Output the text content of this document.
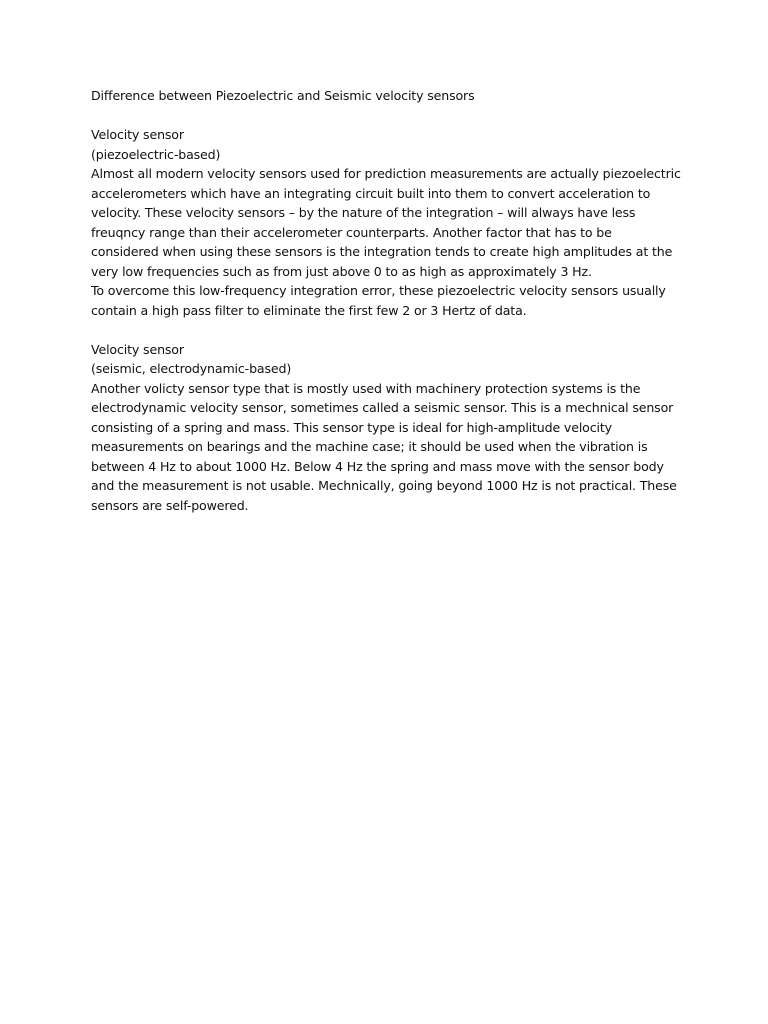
Difference between Piezoelectric and Seismic velocity sensors

Velocity sensor
(piezoelectric-based)

Almost all modern velocity sensors used for prediction measurements are actually piezoelectric accelerometers which have an integrating circuit built into them to convert acceleration to velocity. These velocity sensors – by the nature of the integration – will always have less freuqncy range than their accelerometer counterparts. Another factor that has to be considered when using these sensors is the integration tends to create high amplitudes at the very low frequencies such as from just above 0 to as high as approximately 3 Hz.

To overcome this low-frequency integration error, these piezoelectric velocity sensors usually contain a high pass filter to eliminate the first few 2 or 3 Hertz of data.

Velocity sensor
(seismic, electrodynamic-based)

Another volicty sensor type that is mostly used with machinery protection systems is the electrodynamic velocity sensor, sometimes called a seismic sensor. This is a mechnical sensor consisting of a spring and mass. This sensor type is ideal for high-amplitude velocity measurements on bearings and the machine case; it should be used when the vibration is between 4 Hz to about 1000 Hz. Below 4 Hz the spring and mass move with the sensor body and the measurement is not usable. Mechnically, going beyond 1000 Hz is not practical. These sensors are self-powered.
